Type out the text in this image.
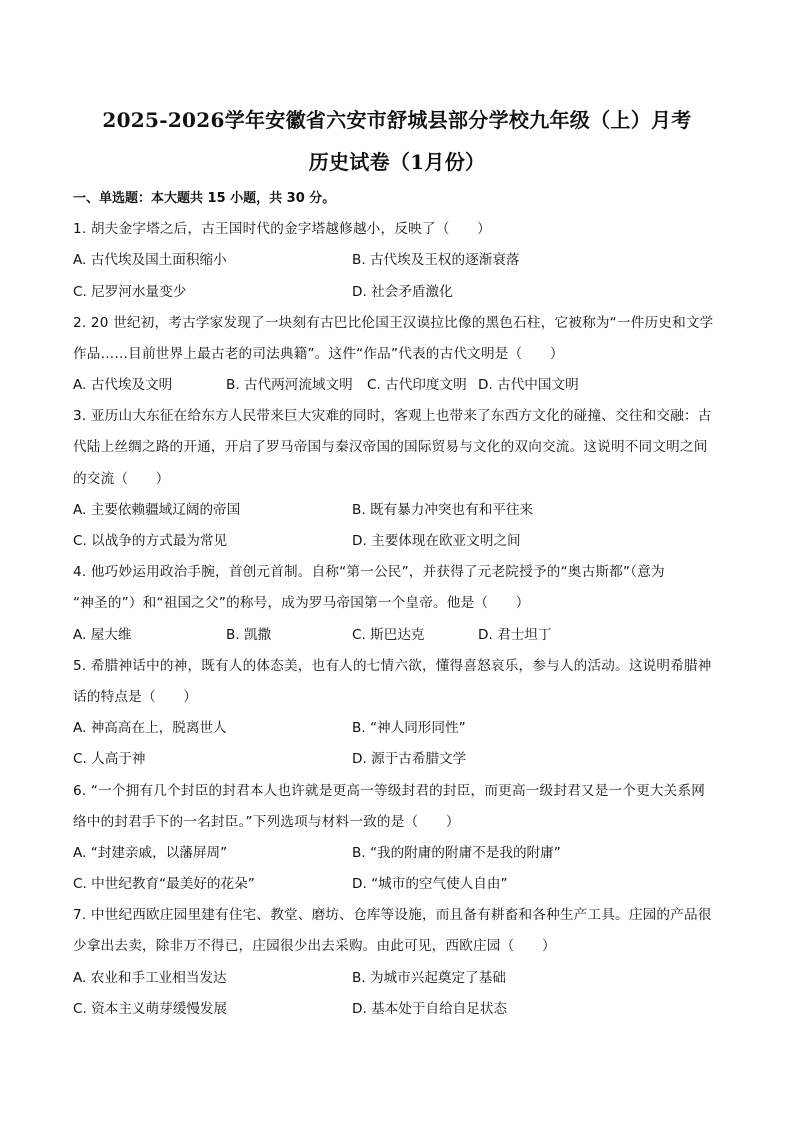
2025-2026学年安徽省六安市舒城县部分学校九年级（上）月考
历史试卷（1月份）
一、单选题：本大题共 15 小题，共 30 分。
1. 胡夫金字塔之后，古王国时代的金字塔越修越小，反映了（　　）
A. 古代埃及国土面积缩小	B. 古代埃及王权的逐渐衰落
C. 尼罗河水量变少	D. 社会矛盾激化
2. 20 世纪初，考古学家发现了一块刻有古巴比伦国王汉谟拉比像的黑色石柱，它被称为“一件历史和文学
作品……目前世界上最古老的司法典籍”。这件“作品”代表的古代文明是（　　）
A. 古代埃及文明	B. 古代两河流域文明 C. 古代印度文明 D. 古代中国文明
3. 亚历山大东征在给东方人民带来巨大灾难的同时，客观上也带来了东西方文化的碰撞、交往和交融：古
代陆上丝绸之路的开通，开启了罗马帝国与秦汉帝国的国际贸易与文化的双向交流。这说明不同文明之间
的交流（　　）
A. 主要依赖疆域辽阔的帝国	B. 既有暴力冲突也有和平往来
C. 以战争的方式最为常见	D. 主要体现在欧亚文明之间
4. 他巧妙运用政治手腕，首创元首制。自称“第一公民”，并获得了元老院授予的“奥古斯都”（意为
“神圣的”）和“祖国之父”的称号，成为罗马帝国第一个皇帝。他是（　　）
A. 屋大维	B. 凯撒	C. 斯巴达克	D. 君士坦丁
5. 希腊神话中的神，既有人的体态美，也有人的七情六欲，懂得喜怒哀乐，参与人的活动。这说明希腊神
话的特点是（　　）
A. 神高高在上，脱离世人	B. “神人同形同性”
C. 人高于神	D. 源于古希腊文学
6. “一个拥有几个封臣的封君本人也许就是更高一等级封君的封臣，而更高一级封君又是一个更大关系网
络中的封君手下的一名封臣。”下列选项与材料一致的是（　　）
A. “封建亲戚，以藩屏周”	B. “我的附庸的附庸不是我的附庸”
C. 中世纪教育“最美好的花朵”	D. “城市的空气使人自由”
7. 中世纪西欧庄园里建有住宅、教堂、磨坊、仓库等设施，而且备有耕畜和各种生产工具。庄园的产品很
少拿出去卖，除非万不得已，庄园很少出去采购。由此可见，西欧庄园（　　）
A. 农业和手工业相当发达	B. 为城市兴起奠定了基础
C. 资本主义萌芽缓慢发展	D. 基本处于自给自足状态
